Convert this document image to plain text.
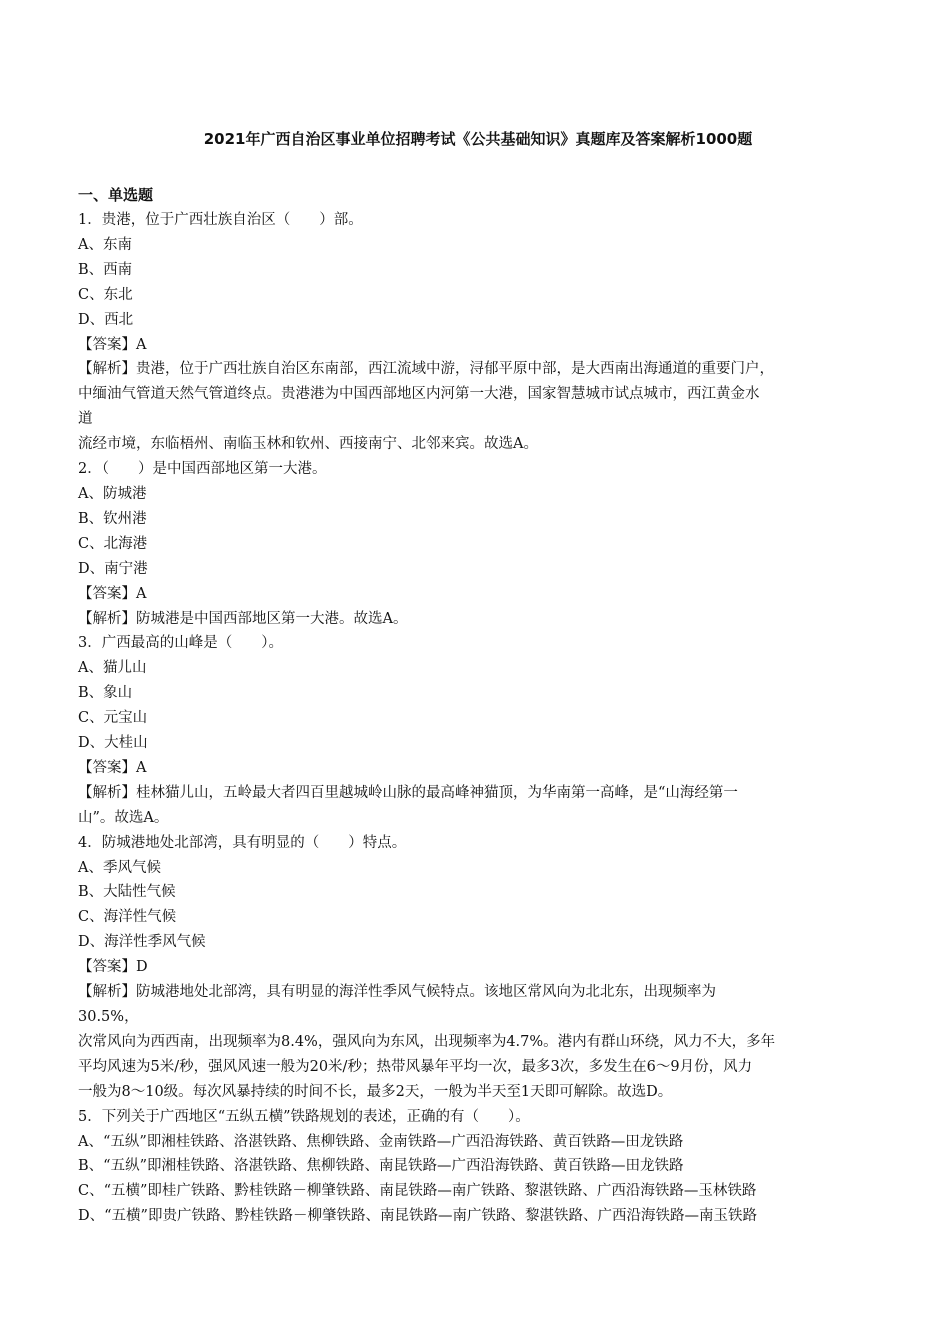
2021年广西自治区事业单位招聘考试《公共基础知识》真题库及答案解析1000题
一、单选题

1．贵港，位于广西壮族自治区（　　）部。

A、东南

B、西南

C、东北

D、西北

【答案】A

【解析】贵港，位于广西壮族自治区东南部，西江流域中游，浔郁平原中部，是大西南出海通道的重要门户，

中缅油气管道天然气管道终点。贵港港为中国西部地区内河第一大港，国家智慧城市试点城市，西江黄金水

道

流经市境，东临梧州、南临玉林和钦州、西接南宁、北邻来宾。故选A。

2．（　　）是中国西部地区第一大港。

A、防城港

B、钦州港

C、北海港

D、南宁港

【答案】A

【解析】防城港是中国西部地区第一大港。故选A。

3．广西最高的山峰是（　　）。

A、猫儿山

B、象山

C、元宝山

D、大桂山

【答案】A

【解析】桂林猫儿山，五岭最大者四百里越城岭山脉的最高峰神猫顶，为华南第一高峰，是“山海经第一

山”。故选A。

4．防城港地处北部湾，具有明显的（　　）特点。

A、季风气候

B、大陆性气候

C、海洋性气候

D、海洋性季风气候

【答案】D

【解析】防城港地处北部湾，具有明显的海洋性季风气候特点。该地区常风向为北北东，出现频率为

30.5%，

次常风向为西西南，出现频率为8.4%，强风向为东风，出现频率为4.7%。港内有群山环绕，风力不大，多年

平均风速为5米/秒，强风风速一般为20米/秒；热带风暴年平均一次，最多3次，多发生在6～9月份，风力

一般为8～10级。每次风暴持续的时间不长，最多2天，一般为半天至1天即可解除。故选D。

5．下列关于广西地区“五纵五横”铁路规划的表述，正确的有（　　）。

A、“五纵”即湘桂铁路、洛湛铁路、焦柳铁路、金南铁路—广西沿海铁路、黄百铁路—田龙铁路

B、“五纵”即湘桂铁路、洛湛铁路、焦柳铁路、南昆铁路—广西沿海铁路、黄百铁路—田龙铁路

C、“五横”即桂广铁路、黔桂铁路－柳肇铁路、南昆铁路—南广铁路、黎湛铁路、广西沿海铁路—玉林铁路

D、“五横”即贵广铁路、黔桂铁路－柳肇铁路、南昆铁路—南广铁路、黎湛铁路、广西沿海铁路—南玉铁路
